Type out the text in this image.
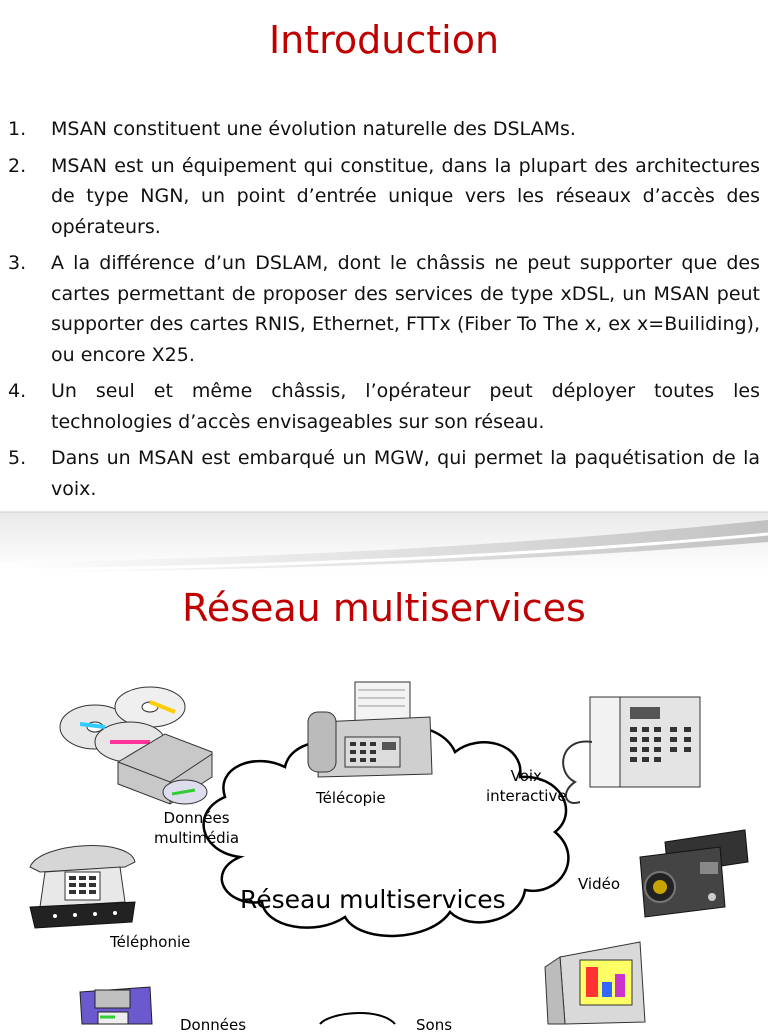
Introduction
1. MSAN constituent une évolution naturelle des DSLAMs.
2. MSAN est un équipement qui constitue, dans la plupart des architectures de type NGN, un point d’entrée unique vers les réseaux d’accès des opérateurs.
3. A la différence d’un DSLAM, dont le châssis ne peut supporter que des cartes permettant de proposer des services de type xDSL, un MSAN peut supporter des cartes RNIS, Ethernet, FTTx (Fiber To The x, ex x=Builiding), ou encore X25.
4. Un seul et même châssis, l’opérateur peut déployer toutes les technologies d’accès envisageables sur son réseau.
5. Dans un MSAN est embarqué un MGW, qui permet la paquétisation de la voix.
Réseau multiservices
Réseau multiservices
Télécopie
Voix
interactive
Données
multimédia
Vidéo
Téléphonie
Données	Sons
